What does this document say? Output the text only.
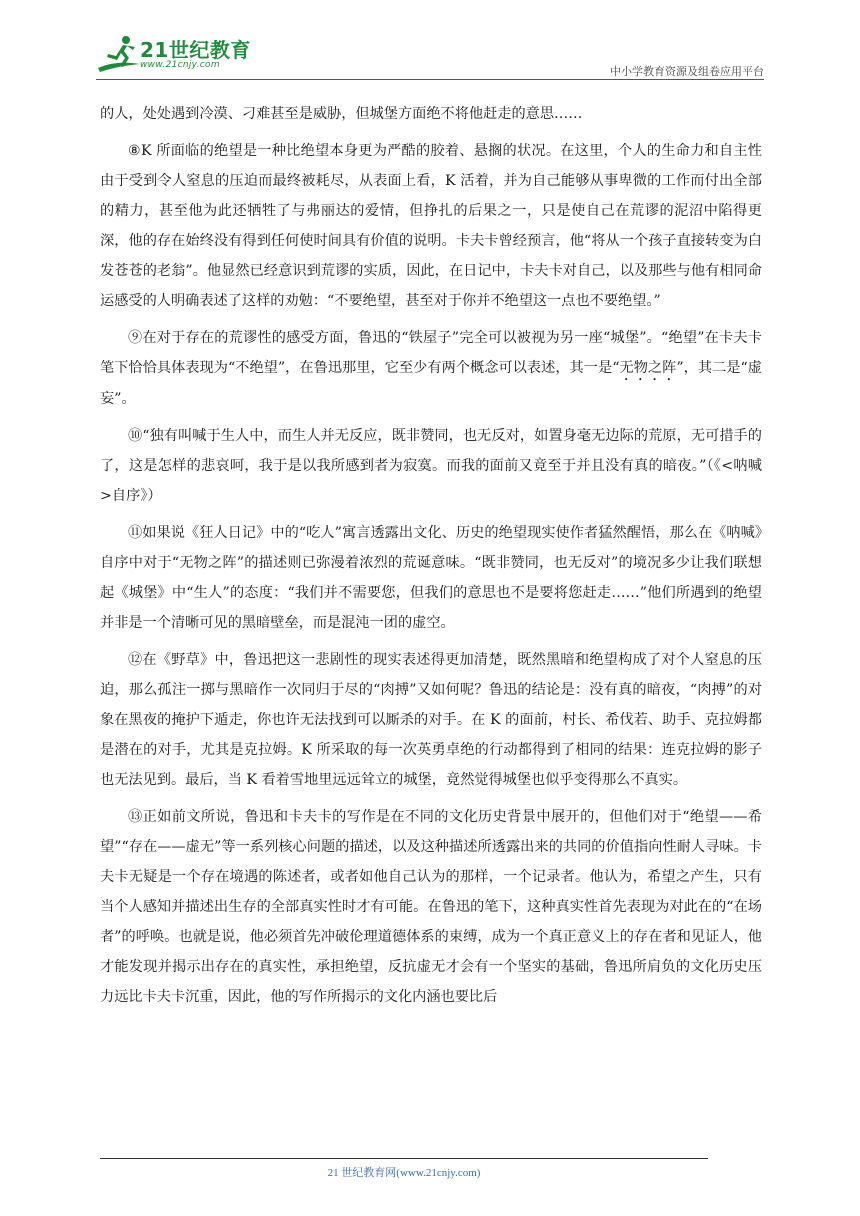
21世纪教育
www.21cnjy.com	中小学教育资源及组卷应用平台

的人，处处遇到冷漠、刁难甚至是威胁，但城堡方面绝不将他赶走的意思……

⑧K 所面临的绝望是一种比绝望本身更为严酷的胶着、悬搁的状况。在这里，个人的生命力和自主性由于受到令人窒息的压迫而最终被耗尽，从表面上看，K 活着，并为自己能够从事卑微的工作而付出全部的精力，甚至他为此还牺牲了与弗丽达的爱情，但挣扎的后果之一，只是使自己在荒谬的泥沼中陷得更深，他的存在始终没有得到任何使时间具有价值的说明。卡夫卡曾经预言，他“将从一个孩子直接转变为白发苍苍的老翁”。他显然已经意识到荒谬的实质，因此，在日记中，卡夫卡对自己，以及那些与他有相同命运感受的人明确表述了这样的劝勉：“不要绝望，甚至对于你并不绝望这一点也不要绝望。”

⑨在对于存在的荒谬性的感受方面，鲁迅的“铁屋子”完全可以被视为另一座“城堡”。“绝望”在卡夫卡笔下恰恰具体表现为“不绝望”，在鲁迅那里，它至少有两个概念可以表述，其一是“无物之阵”，其二是“虚妄”。

⑩“独有叫喊于生人中，而生人并无反应，既非赞同，也无反对，如置身毫无边际的荒原，无可措手的了，这是怎样的悲哀呵，我于是以我所感到者为寂寞。而我的面前又竟至于并且没有真的暗夜。”（《<呐喊>自序》）

⑪如果说《狂人日记》中的“吃人”寓言透露出文化、历史的绝望现实使作者猛然醒悟，那么在《呐喊》自序中对于“无物之阵”的描述则已弥漫着浓烈的荒诞意味。“既非赞同，也无反对”的境况多少让我们联想起《城堡》中“生人”的态度：“我们并不需要您，但我们的意思也不是要将您赶走……”他们所遇到的绝望并非是一个清晰可见的黑暗壁垒，而是混沌一团的虚空。

⑫在《野草》中，鲁迅把这一悲剧性的现实表述得更加清楚，既然黑暗和绝望构成了对个人窒息的压迫，那么孤注一掷与黑暗作一次同归于尽的“肉搏”又如何呢？鲁迅的结论是：没有真的暗夜，“肉搏”的对象在黑夜的掩护下遁走，你也许无法找到可以厮杀的对手。在 K 的面前，村长、希伐若、助手、克拉姆都是潜在的对手，尤其是克拉姆。K 所采取的每一次英勇卓绝的行动都得到了相同的结果：连克拉姆的影子也无法见到。最后，当 K 看着雪地里远远耸立的城堡，竟然觉得城堡也似乎变得那么不真实。

⑬正如前文所说，鲁迅和卡夫卡的写作是在不同的文化历史背景中展开的，但他们对于“绝望——希望”“存在——虚无”等一系列核心问题的描述，以及这种描述所透露出来的共同的价值指向性耐人寻味。卡夫卡无疑是一个存在境遇的陈述者，或者如他自己认为的那样，一个记录者。他认为，希望之产生，只有当个人感知并描述出生存的全部真实性时才有可能。在鲁迅的笔下，这种真实性首先表现为对此在的“在场者”的呼唤。也就是说，他必须首先冲破伦理道德体系的束缚，成为一个真正意义上的存在者和见证人，他才能发现并揭示出存在的真实性，承担绝望，反抗虚无才会有一个坚实的基础，鲁迅所肩负的文化历史压力远比卡夫卡沉重，因此，他的写作所揭示的文化内涵也要比后

21 世纪教育网(www.21cnjy.com)
